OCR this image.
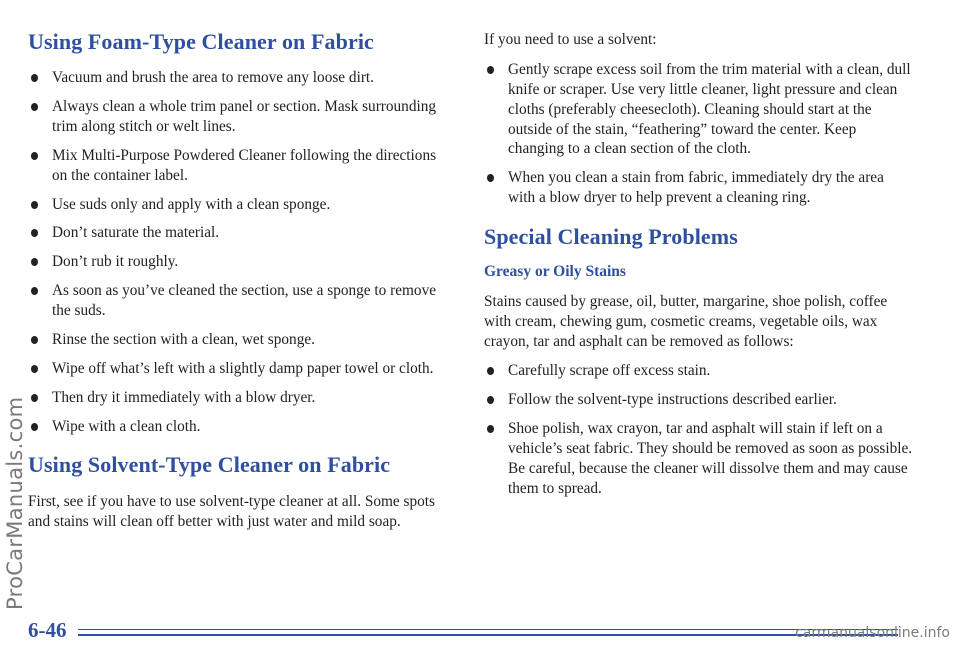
Using Foam-Type Cleaner on Fabric
Vacuum and brush the area to remove any loose dirt.
Always clean a whole trim panel or section. Mask surrounding trim along stitch or welt lines.
Mix Multi-Purpose Powdered Cleaner following the directions on the container label.
Use suds only and apply with a clean sponge.
Don’t saturate the material.
Don’t rub it roughly.
As soon as you’ve cleaned the section, use a sponge to remove the suds.
Rinse the section with a clean, wet sponge.
Wipe off what’s left with a slightly damp paper towel or cloth.
Then dry it immediately with a blow dryer.
Wipe with a clean cloth.
Using Solvent-Type Cleaner on Fabric

First, see if you have to use solvent-type cleaner at all. Some spots and stains will clean off better with just water and mild soap.

If you need to use a solvent:

Gently scrape excess soil from the trim material with a clean, dull knife or scraper. Use very little cleaner, light pressure and clean cloths (preferably cheesecloth). Cleaning should start at the outside of the stain, “feathering” toward the center. Keep changing to a clean section of the cloth.
When you clean a stain from fabric, immediately dry the area with a blow dryer to help prevent a cleaning ring.
Special Cleaning Problems
Greasy or Oily Stains

Stains caused by grease, oil, butter, margarine, shoe polish, coffee with cream, chewing gum, cosmetic creams, vegetable oils, wax crayon, tar and asphalt can be removed as follows:

Carefully scrape off excess stain.
Follow the solvent-type instructions described earlier.
Shoe polish, wax crayon, tar and asphalt will stain if left on a vehicle’s seat fabric. They should be removed as soon as possible. Be careful, because the cleaner will dissolve them and may cause them to spread.
ProCarManuals.com
6-46	carmanualsonline.info
